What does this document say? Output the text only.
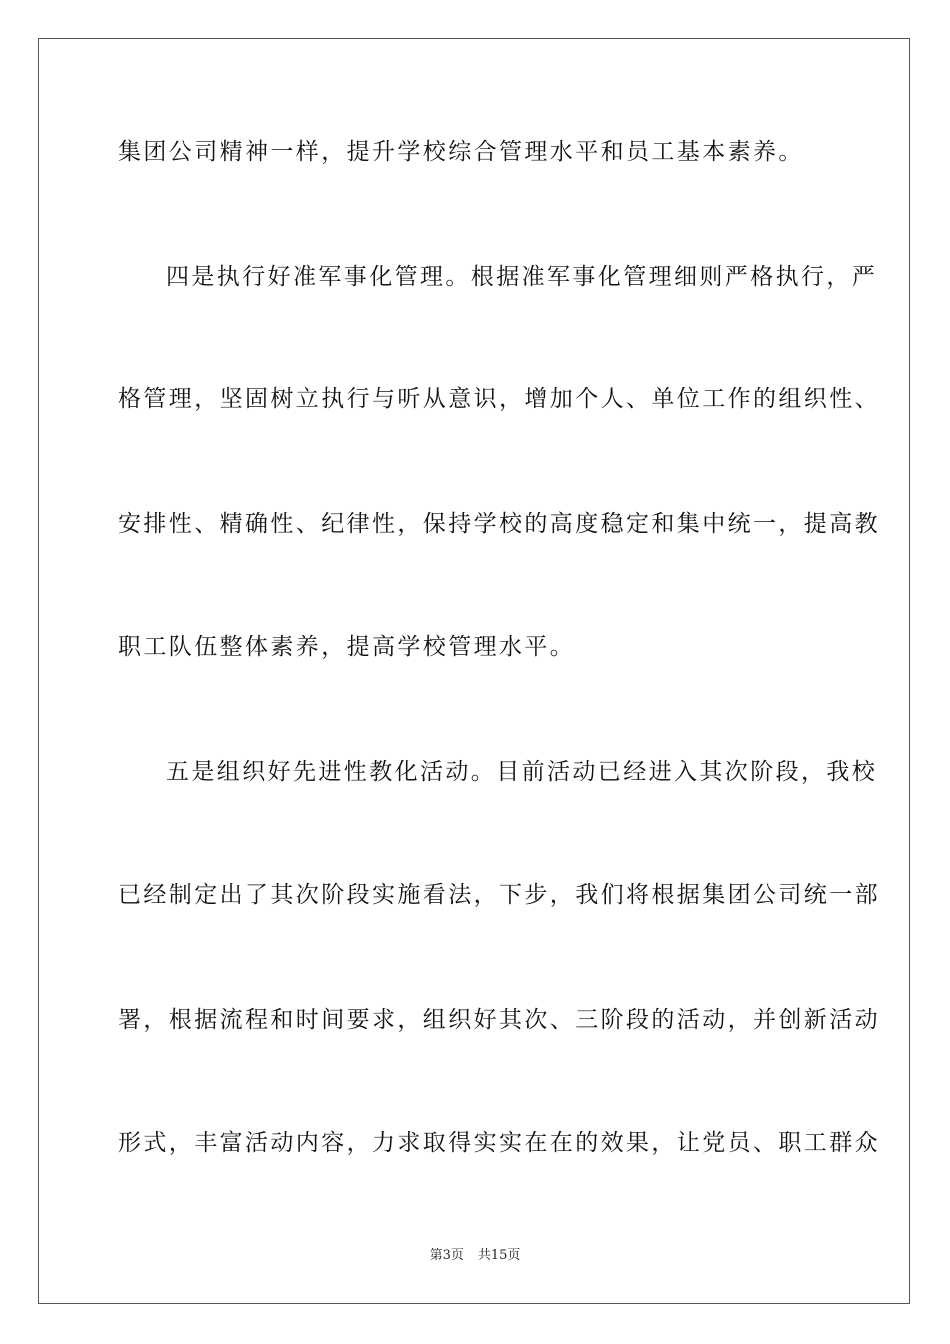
集团公司精神一样，提升学校综合管理水平和员工基本素养。
四是执行好准军事化管理。根据准军事化管理细则严格执行，严
格管理，坚固树立执行与听从意识，增加个人、单位工作的组织性、
安排性、精确性、纪律性，保持学校的高度稳定和集中统一，提高教
职工队伍整体素养，提高学校管理水平。
五是组织好先进性教化活动。目前活动已经进入其次阶段，我校
已经制定出了其次阶段实施看法，下步，我们将根据集团公司统一部
署，根据流程和时间要求，组织好其次、三阶段的活动，并创新活动
形式，丰富活动内容，力求取得实实在在的效果，让党员、职工群众
第3页 共15页
